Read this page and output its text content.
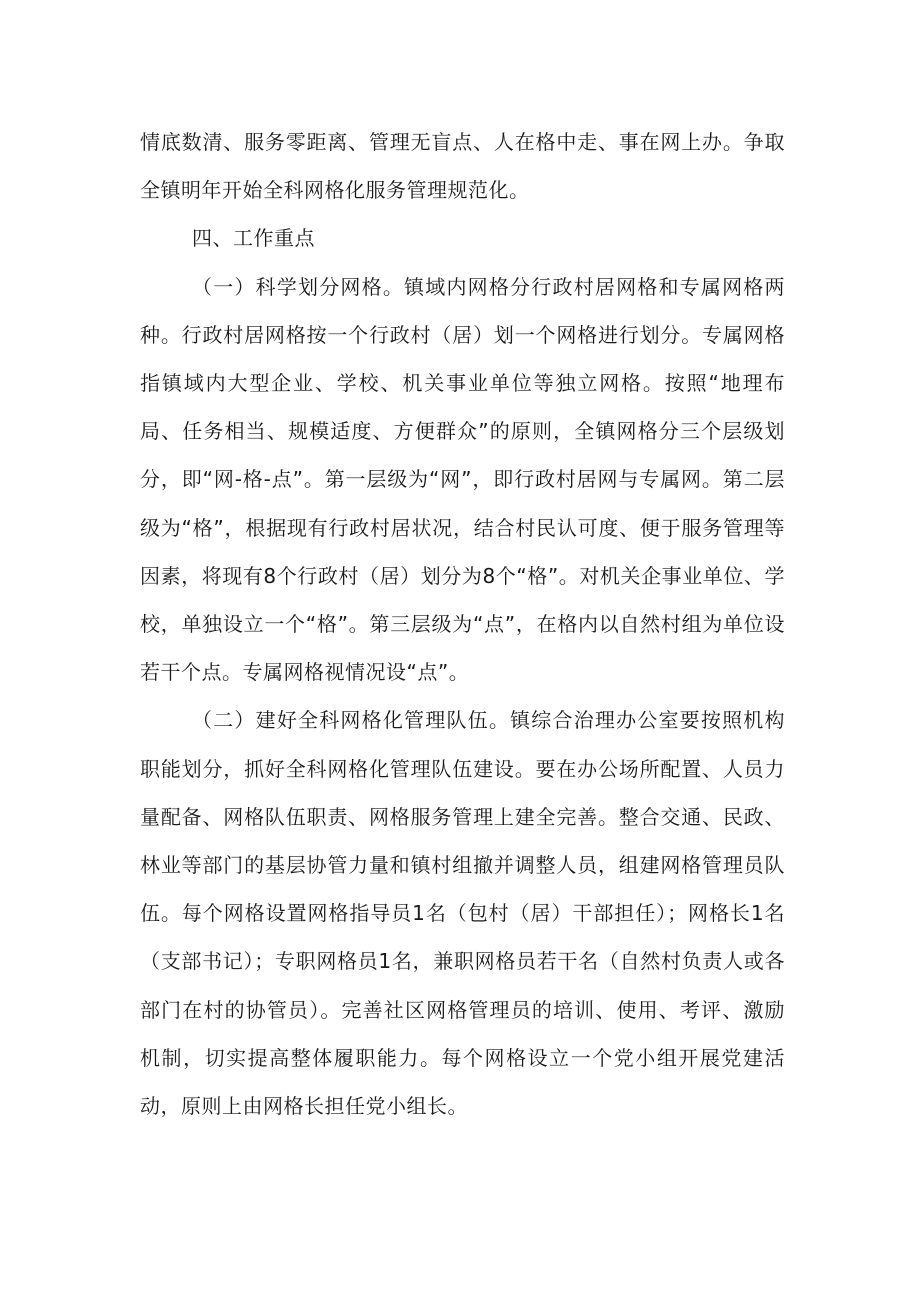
情底数清、服务零距离、管理无盲点、人在格中走、事在网上办。争取全镇明年开始全科网格化服务管理规范化。

四、工作重点

（一）科学划分网格。镇域内网格分行政村居网格和专属网格两种。行政村居网格按一个行政村（居）划一个网格进行划分。专属网格指镇域内大型企业、学校、机关事业单位等独立网格。按照“地理布局、任务相当、规模适度、方便群众”的原则，全镇网格分三个层级划分，即“网-格-点”。第一层级为“网”，即行政村居网与专属网。第二层级为“格”，根据现有行政村居状况，结合村民认可度、便于服务管理等因素，将现有8个行政村（居）划分为8个“格”。对机关企事业单位、学校，单独设立一个“格”。第三层级为“点”，在格内以自然村组为单位设若干个点。专属网格视情况设“点”。

（二）建好全科网格化管理队伍。镇综合治理办公室要按照机构职能划分，抓好全科网格化管理队伍建设。要在办公场所配置、人员力量配备、网格队伍职责、网格服务管理上建全完善。整合交通、民政、林业等部门的基层协管力量和镇村组撤并调整人员，组建网格管理员队伍。每个网格设置网格指导员1名（包村（居）干部担任）；网格长1名（支部书记）；专职网格员1名，兼职网格员若干名（自然村负责人或各部门在村的协管员）。完善社区网格管理员的培训、使用、考评、激励机制，切实提高整体履职能力。每个网格设立一个党小组开展党建活动，原则上由网格长担任党小组长。
